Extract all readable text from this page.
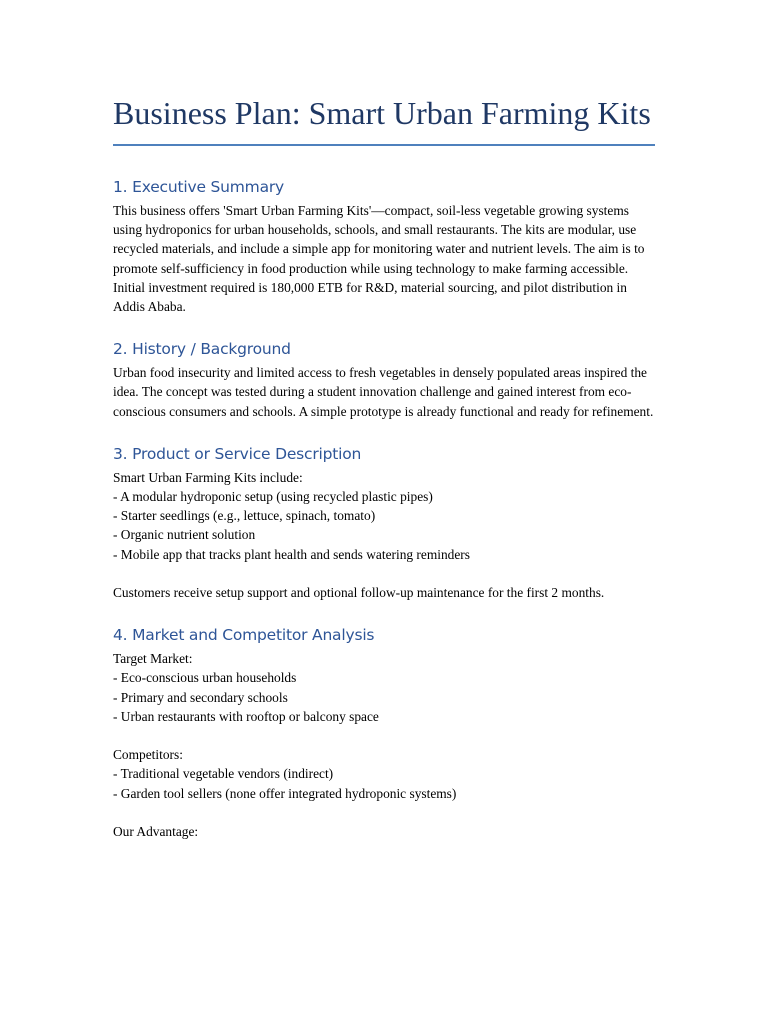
Business Plan: Smart Urban Farming Kits
1. Executive Summary

This business offers 'Smart Urban Farming Kits'—compact, soil-less vegetable growing systems using hydroponics for urban households, schools, and small restaurants. The kits are modular, use recycled materials, and include a simple app for monitoring water and nutrient levels. The aim is to promote self-sufficiency in food production while using technology to make farming accessible. Initial investment required is 180,000 ETB for R&D, material sourcing, and pilot distribution in Addis Ababa.

2. History / Background

Urban food insecurity and limited access to fresh vegetables in densely populated areas inspired the idea. The concept was tested during a student innovation challenge and gained interest from eco-conscious consumers and schools. A simple prototype is already functional and ready for refinement.

3. Product or Service Description
Smart Urban Farming Kits include:
- A modular hydroponic setup (using recycled plastic pipes)
- Starter seedlings (e.g., lettuce, spinach, tomato)
- Organic nutrient solution
- Mobile app that tracks plant health and sends watering reminders
Customers receive setup support and optional follow-up maintenance for the first 2 months.
4. Market and Competitor Analysis
Target Market:
- Eco-conscious urban households
- Primary and secondary schools
- Urban restaurants with rooftop or balcony space
Competitors:
- Traditional vegetable vendors (indirect)
- Garden tool sellers (none offer integrated hydroponic systems)
Our Advantage:
